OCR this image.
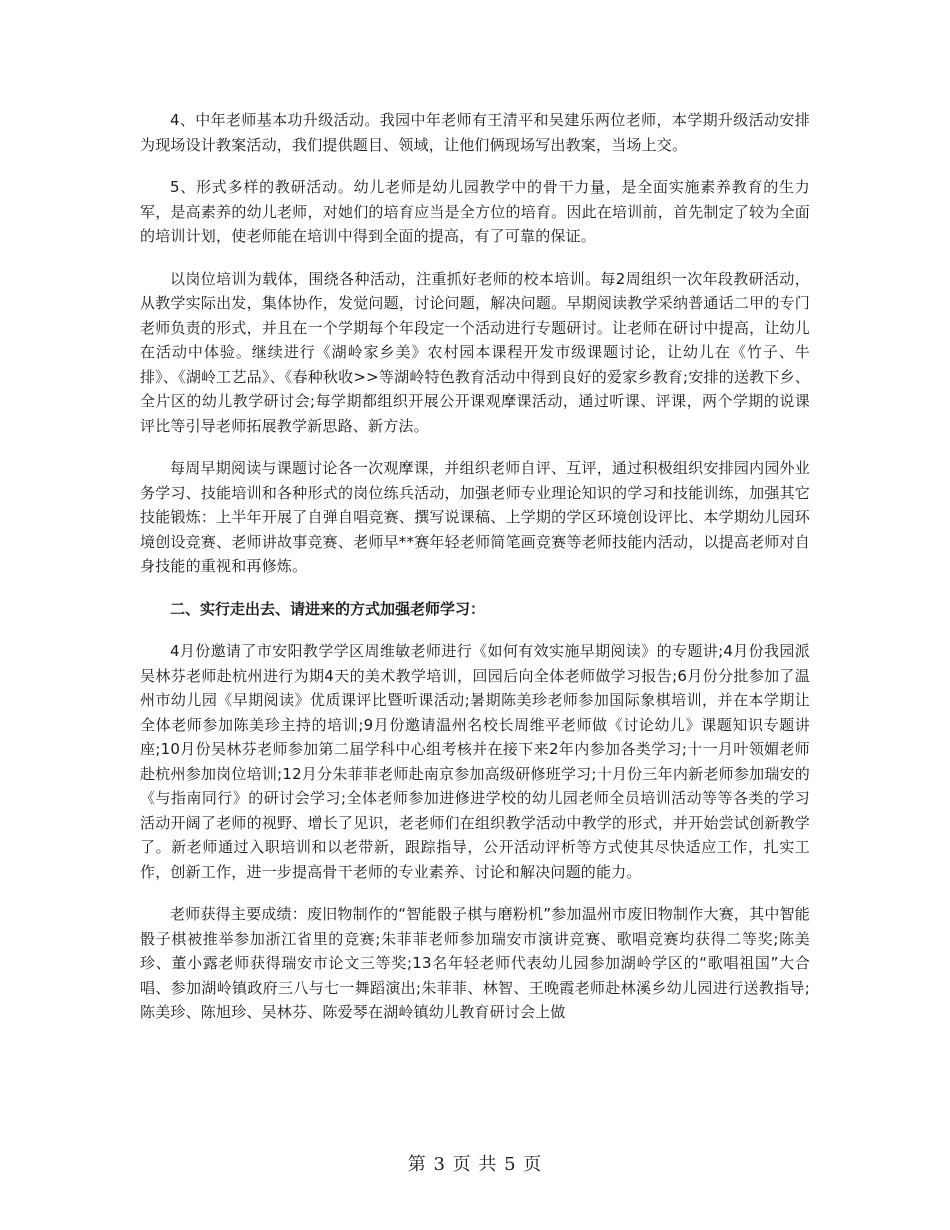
4、中年老师基本功升级活动。我园中年老师有王清平和吴建乐两位老师，本学期升级活动安排为现场设计教案活动，我们提供题目、领域，让他们俩现场写出教案，当场上交。

5、形式多样的教研活动。幼儿老师是幼儿园教学中的骨干力量，是全面实施素养教育的生力军，是高素养的幼儿老师，对她们的培育应当是全方位的培育。因此在培训前，首先制定了较为全面的培训计划，使老师能在培训中得到全面的提高，有了可靠的保证。

以岗位培训为载体，围绕各种活动，注重抓好老师的校本培训。每2周组织一次年段教研活动，从教学实际出发，集体协作，发觉问题，讨论问题，解决问题。早期阅读教学采纳普通话二甲的专门老师负责的形式，并且在一个学期每个年段定一个活动进行专题研讨。让老师在研讨中提高，让幼儿在活动中体验。继续进行《湖岭家乡美》农村园本课程开发市级课题讨论，让幼儿在《竹子、牛排》、《湖岭工艺品》、《春种秋收>>等湖岭特色教育活动中得到良好的爱家乡教育;安排的送教下乡、全片区的幼儿教学研讨会;每学期都组织开展公开课观摩课活动，通过听课、评课，两个学期的说课评比等引导老师拓展教学新思路、新方法。

每周早期阅读与课题讨论各一次观摩课，并组织老师自评、互评，通过积极组织安排园内园外业务学习、技能培训和各种形式的岗位练兵活动，加强老师专业理论知识的学习和技能训练，加强其它技能锻炼：上半年开展了自弹自唱竞赛、撰写说课稿、上学期的学区环境创设评比、本学期幼儿园环境创设竞赛、老师讲故事竞赛、老师早**赛年轻老师简笔画竞赛等老师技能内活动，以提高老师对自身技能的重视和再修炼。

二、实行走出去、请进来的方式加强老师学习：

4月份邀请了市安阳教学学区周维敏老师进行《如何有效实施早期阅读》的专题讲;4月份我园派吴林芬老师赴杭州进行为期4天的美术教学培训，回园后向全体老师做学习报告;6月份分批参加了温州市幼儿园《早期阅读》优质课评比暨听课活动;暑期陈美珍老师参加国际象棋培训，并在本学期让全体老师参加陈美珍主持的培训;9月份邀请温州名校长周维平老师做《讨论幼儿》课题知识专题讲座;10月份吴林芬老师参加第二届学科中心组考核并在接下来2年内参加各类学习;十一月叶领媚老师赴杭州参加岗位培训;12月分朱菲菲老师赴南京参加高级研修班学习;十月份三年内新老师参加瑞安的《与指南同行》的研讨会学习;全体老师参加进修进学校的幼儿园老师全员培训活动等等各类的学习活动开阔了老师的视野、增长了见识，老老师们在组织教学活动中教学的形式，并开始尝试创新教学了。新老师通过入职培训和以老带新，跟踪指导，公开活动评析等方式使其尽快适应工作，扎实工作，创新工作，进一步提高骨干老师的专业素养、讨论和解决问题的能力。

老师获得主要成绩：废旧物制作的“智能骰子棋与磨粉机”参加温州市废旧物制作大赛，其中智能骰子棋被推举参加浙江省里的竞赛;朱菲菲老师参加瑞安市演讲竞赛、歌唱竞赛均获得二等奖;陈美珍、董小露老师获得瑞安市论文三等奖;13名年轻老师代表幼儿园参加湖岭学区的“歌唱祖国”大合唱、参加湖岭镇政府三八与七一舞蹈演出;朱菲菲、林智、王晚霞老师赴林溪乡幼儿园进行送教指导;陈美珍、陈旭珍、吴林芬、陈爱琴在湖岭镇幼儿教育研讨会上做

第 3 页 共 5 页
